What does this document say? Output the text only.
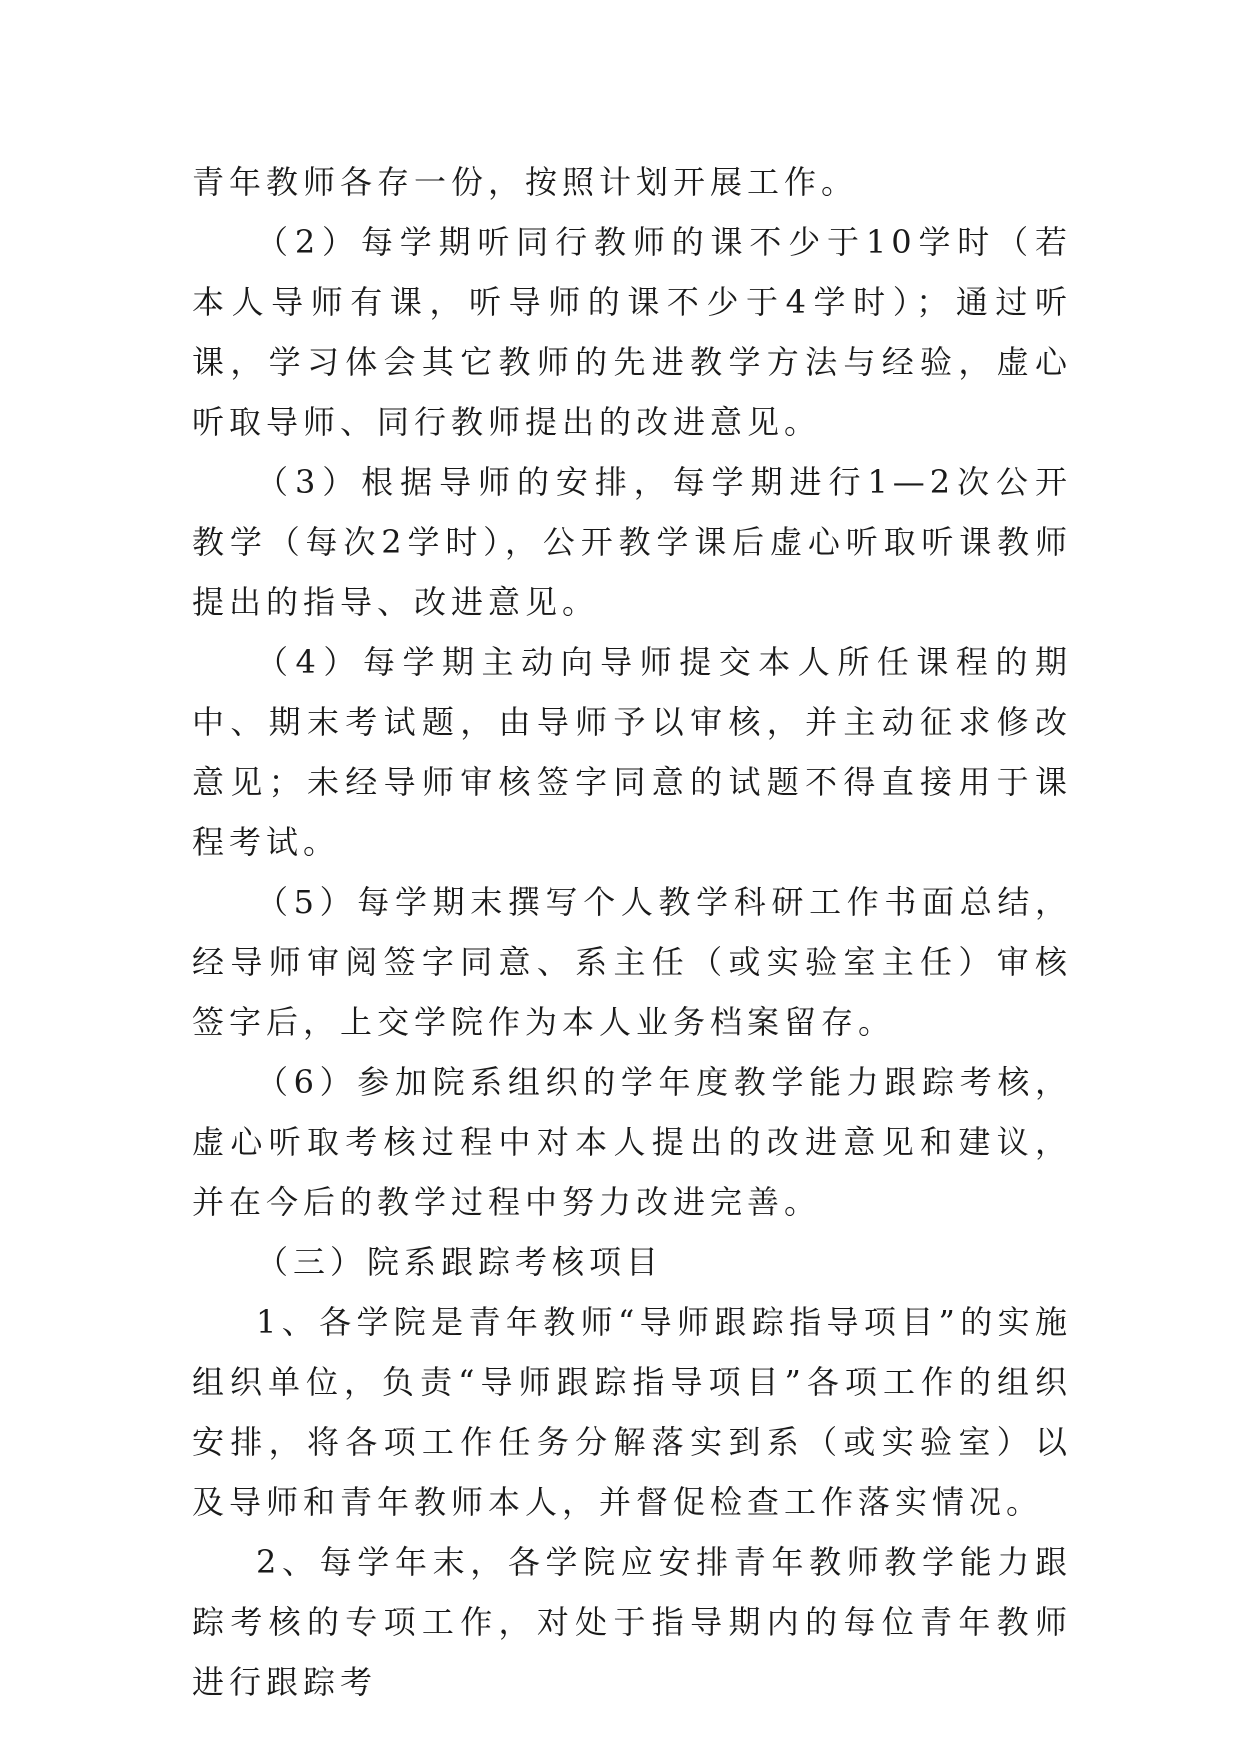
青年教师各存一份，按照计划开展工作。

（2）每学期听同行教师的课不少于10学时（若本人导师有课，听导师的课不少于4学时）；通过听课，学习体会其它教师的先进教学方法与经验，虚心听取导师、同行教师提出的改进意见。

（3）根据导师的安排，每学期进行1—2次公开教学（每次2学时），公开教学课后虚心听取听课教师提出的指导、改进意见。

（4）每学期主动向导师提交本人所任课程的期中、期末考试题，由导师予以审核，并主动征求修改意见；未经导师审核签字同意的试题不得直接用于课程考试。

（5）每学期末撰写个人教学科研工作书面总结，经导师审阅签字同意、系主任（或实验室主任）审核签字后，上交学院作为本人业务档案留存。

（6）参加院系组织的学年度教学能力跟踪考核，虚心听取考核过程中对本人提出的改进意见和建议，并在今后的教学过程中努力改进完善。

（三）院系跟踪考核项目

1、各学院是青年教师“导师跟踪指导项目”的实施组织单位，负责“导师跟踪指导项目”各项工作的组织安排，将各项工作任务分解落实到系（或实验室）以及导师和青年教师本人，并督促检查工作落实情况。

2、每学年末，各学院应安排青年教师教学能力跟踪考核的专项工作，对处于指导期内的每位青年教师进行跟踪考
